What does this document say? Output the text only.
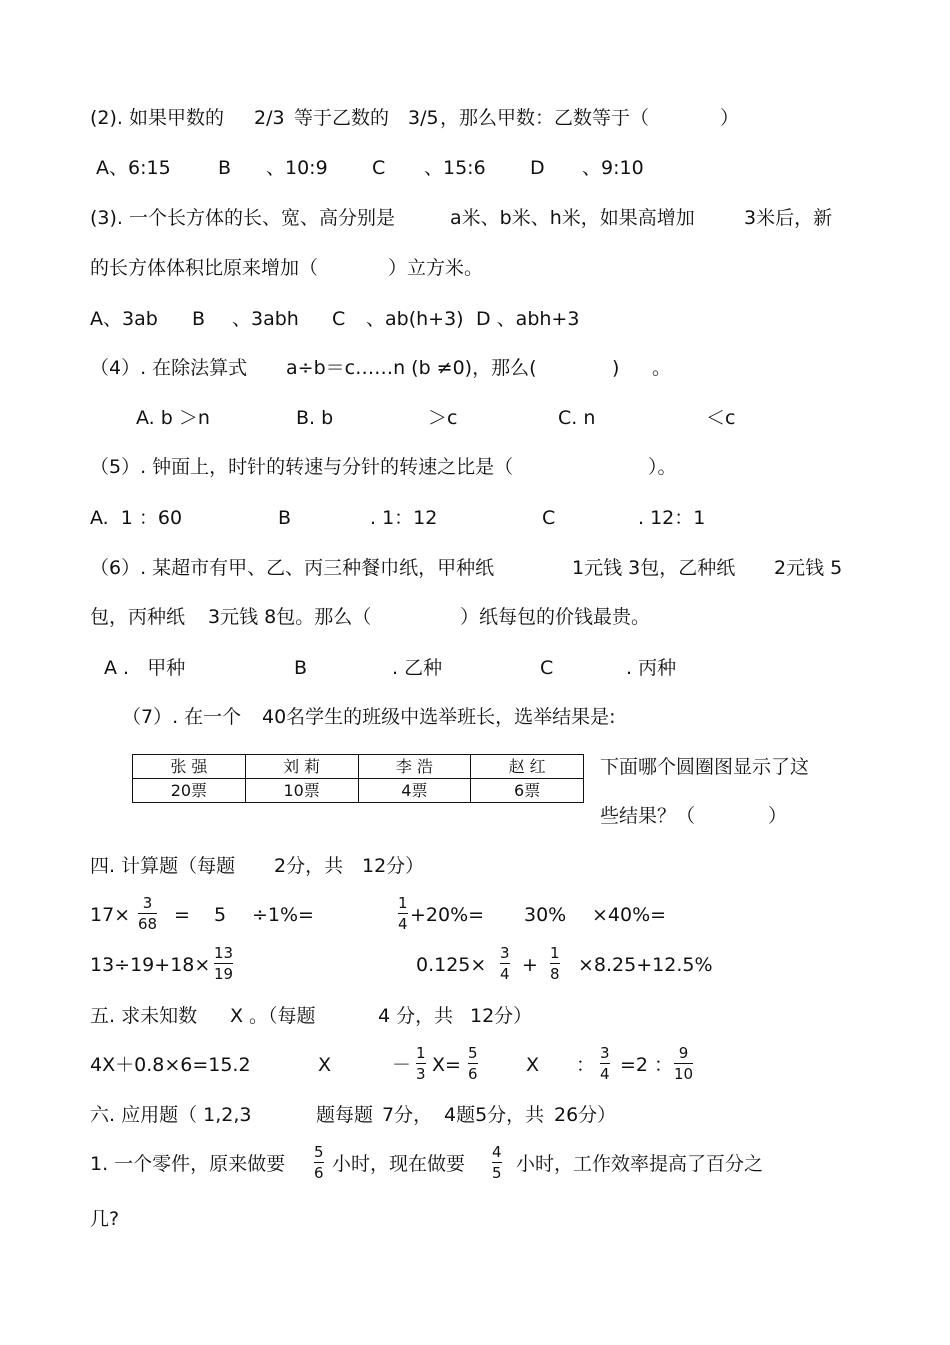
(2). 如果甲数的 2/3 等于乙数的 3/5 ，那么甲数：乙数等于（	）
A、6:15 B 、10:9 C 、15:6 D 、9:10
(3). 一个长方体的长、宽、高分别是	a米、b米、h米，如果高增加	3米后，新
的长方体体积比原来增加（	）立方米。
A、3ab B 、3abh C 、ab(h+3) D 、abh+3
（4）. 在除法算式 a÷b＝c……n (b ≠0)，那么(	) 。
A. b ＞n	B. b	＞c	C. n	＜c
（5）. 钟面上，时针的转速与分针的转速之比是（	）。
A.  1 ：60	B	. 1：12	C	. 12：1
（6）. 某超市有甲、乙、丙三种餐巾纸，甲种纸	1元钱 3包，乙种纸 2元钱 5
包，丙种纸 3元钱 8包。那么（	）纸每包的价钱最贵。
A .   甲种	B	. 乙种	C	. 丙种
（7）. 在一个 40名学生的班级中选举班长，选举结果是:
张 强	刘 莉	李 浩	赵 红
20票	10票	4票	6票
下面哪个圆圈图显示了这
些结果？（	）
四. 计算题（每题 2分，共 12分）
17×
3
68 = 5 ÷1%=
1
4 +20%= 30% ×40%=
13÷19+18×
13
19	0.125×
3
4 +
1
8 ×8.25+12.5%
五. 求未知数 X 。（每题	4 分，共 12分）
4X＋0.8×6=15.2	X	－
1
3 X=
5
6	X ：
3
4 =2 ：
9
10
六. 应用题（ 1,2,3	题每题 7分， 4题5分，共 26分）
1. 一个零件，原来做要
5
6 小时，现在做要
4
5 小时，工作效率提高了百分之
几?
